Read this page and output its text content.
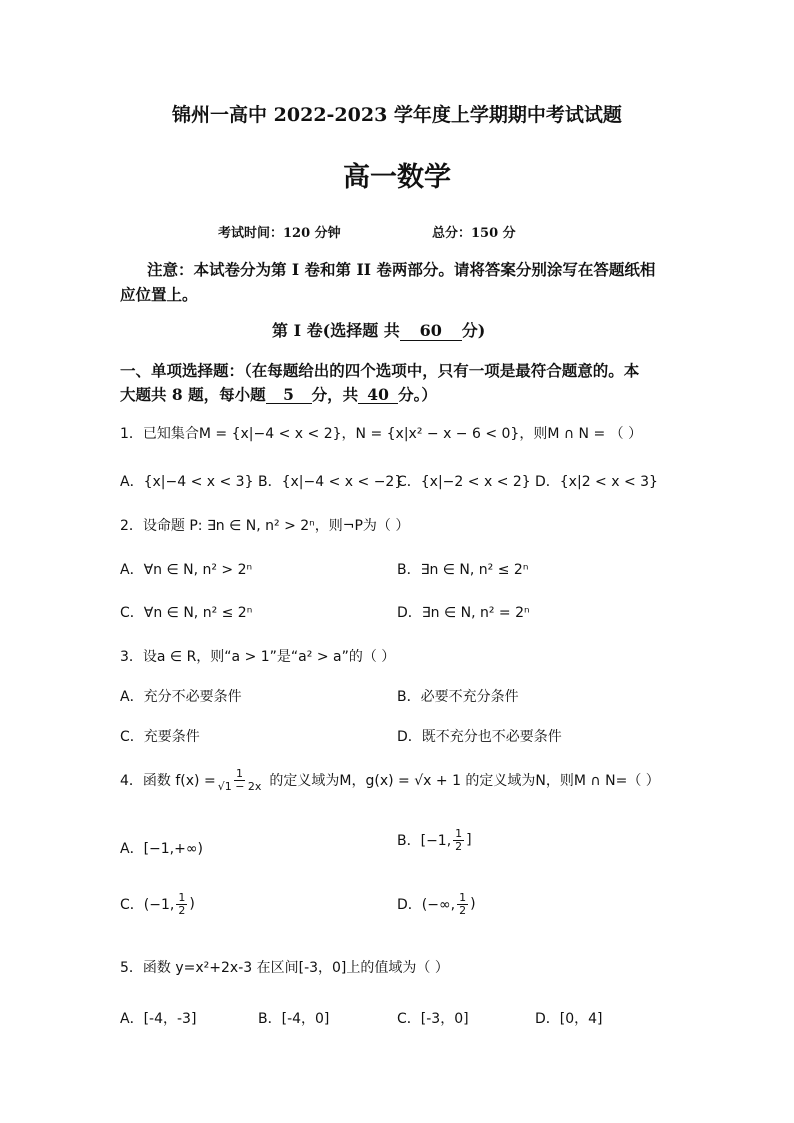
锦州一高中 2022-2023 学年度上学期期中考试试题
高一数学
考试时间：120 分钟	总分：150 分
注意：本试卷分为第 I 卷和第 II 卷两部分。请将答案分别涂写在答题纸相
应位置上。
第 I 卷(选择题 共 60 分)
一、单项选择题：（在每题给出的四个选项中，只有一项是最符合题意的。本
大题共 8 题，每小题 5 分，共 40 分。）
1．已知集合M = {x|−4 < x < 2}，N = {x|x² − x − 6 < 0}，则M ∩ N = （ ）
A．{x|−4 < x < 3} B．{x|−4 < x < −2}
C．{x|−2 < x < 2} D．{x|2 < x < 3}
2．设命题 P: ∃n ∈ N, n² > 2ⁿ，则¬P为（ ）
A．∀n ∈ N, n² > 2ⁿ	B．∃n ∈ N, n² ≤ 2ⁿ
C．∀n ∈ N, n² ≤ 2ⁿ	D．∃n ∈ N, n² = 2ⁿ
3．设a ∈ R，则“a > 1”是“a² > a”的（ ）
A．充分不必要条件	B．必要不充分条件
C．充要条件	D．既不充分也不必要条件
4．函数 $f(x) = \frac{1}{√1 - 2x}$ 的定义域为M，g(x) = √x + 1 的定义域为N，则M ∩ N=（ ）
A．[−1,+∞)	B．[−1, $\frac{1}{2}$ ]
C．(−1, $\frac{1}{2}$ )	D．(−∞, $\frac{1}{2}$ )
5．函数 y=x²+2x-3 在区间[-3，0]上的值域为（ ）
A．[-4，-3]	B．[-4，0]	C．[-3，0]	D．[0，4]
